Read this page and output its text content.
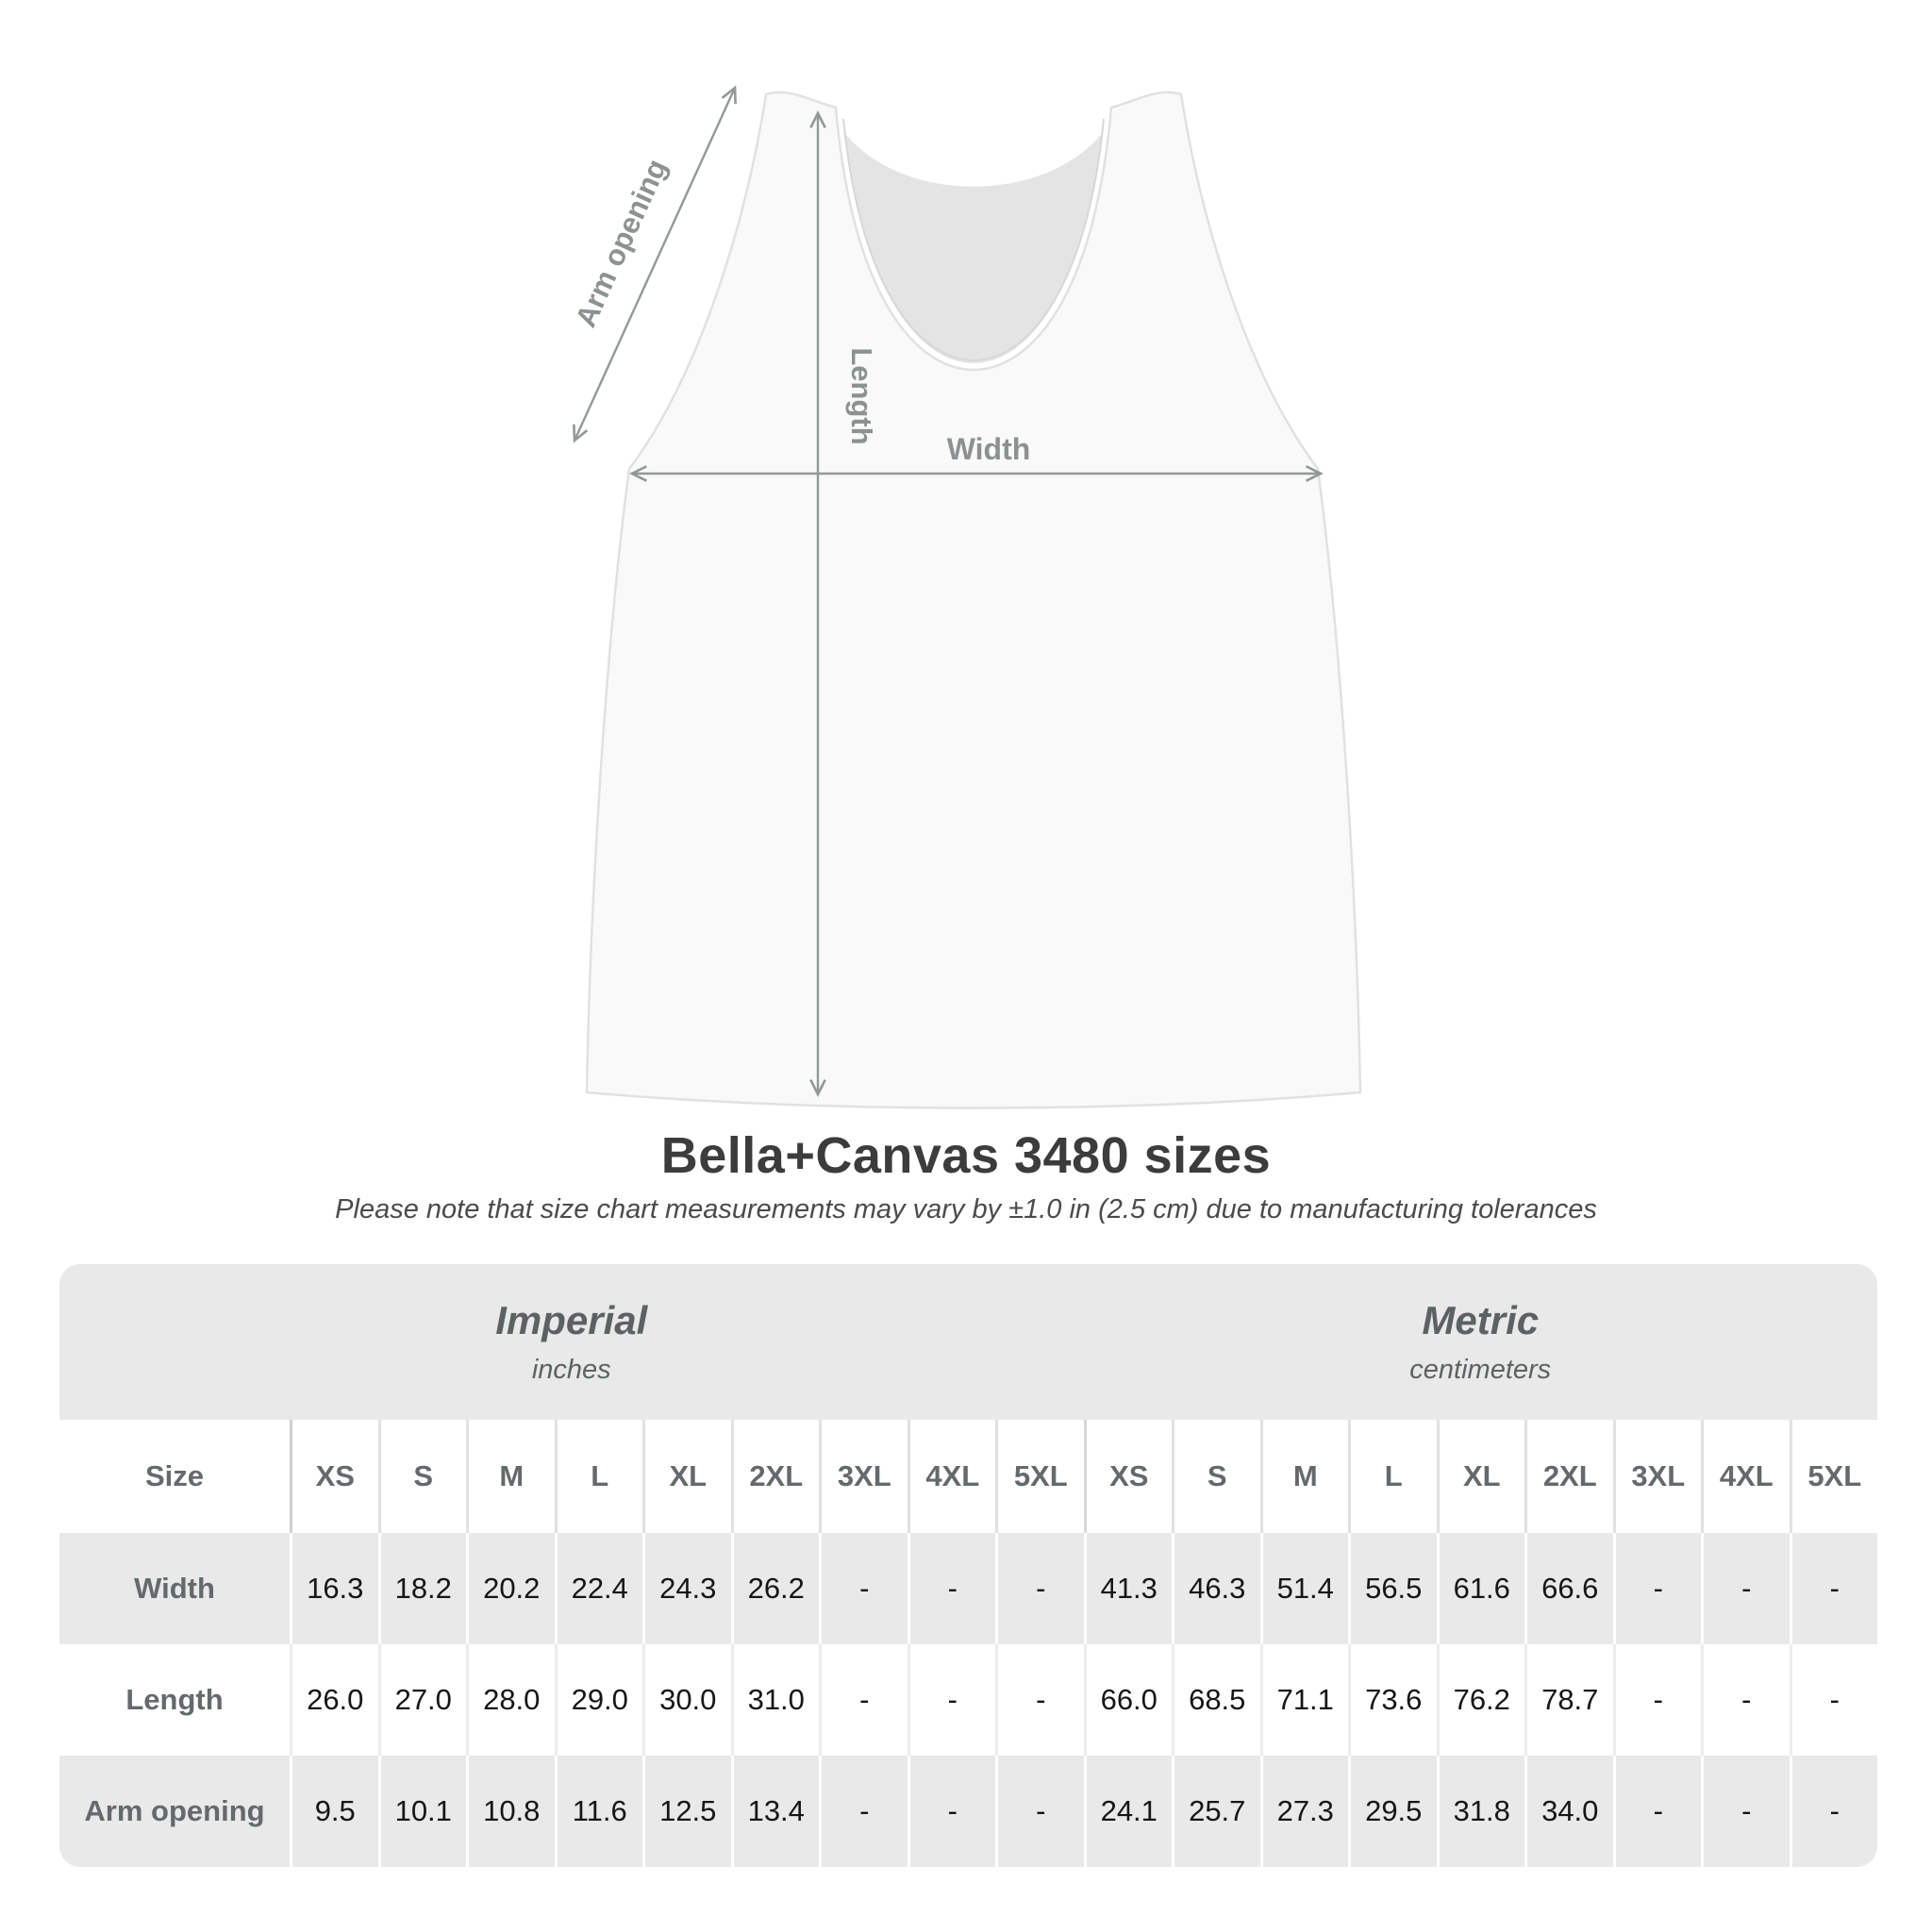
Arm opening
Length
Width
Bella+Canvas 3480 sizes
Please note that size chart measurements may vary by ±1.0 in (2.5 cm) due to manufacturing tolerances
Imperial
inches

Metric
centimeters

Size	XS	S	M	L	XL	2XL	3XL	4XL	5XL	XS	S	M	L	XL	2XL	3XL	4XL	5XL
Width	16.3	18.2	20.2	22.4	24.3	26.2	-	-	-	41.3	46.3	51.4	56.5	61.6	66.6	-	-	-
Length	26.0	27.0	28.0	29.0	30.0	31.0	-	-	-	66.0	68.5	71.1	73.6	76.2	78.7	-	-	-
Arm opening	9.5	10.1	10.8	11.6	12.5	13.4	-	-	-	24.1	25.7	27.3	29.5	31.8	34.0	-	-	-
